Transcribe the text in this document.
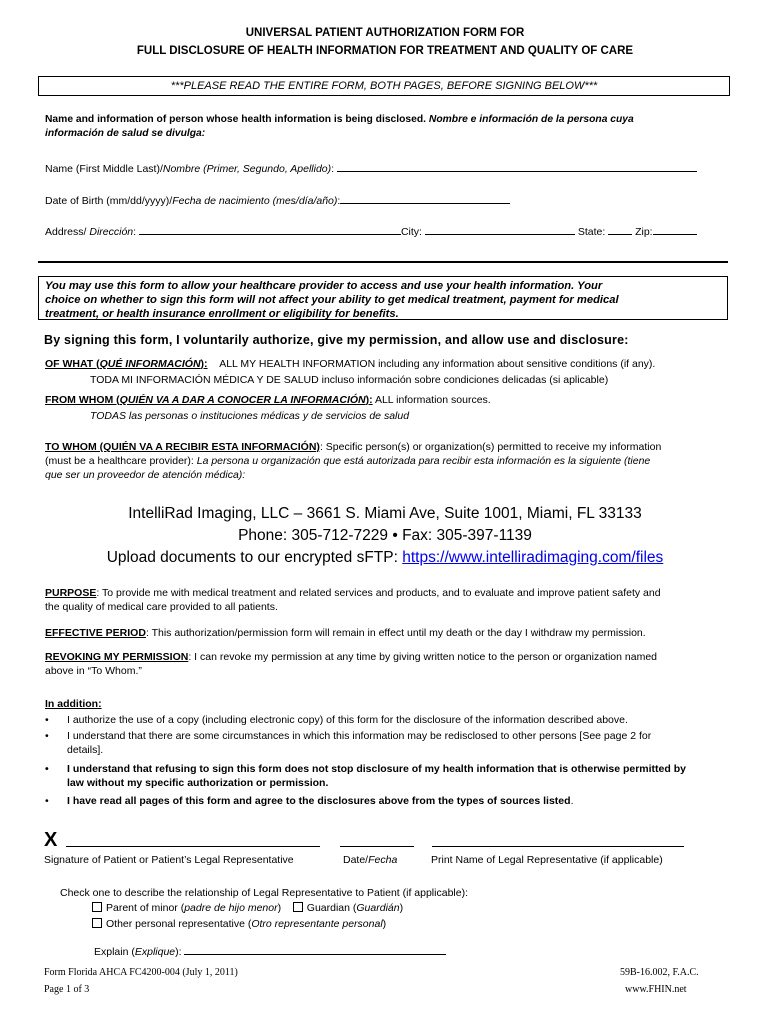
UNIVERSAL PATIENT AUTHORIZATION FORM FOR
FULL DISCLOSURE OF HEALTH INFORMATION FOR TREATMENT AND QUALITY OF CARE
***PLEASE READ THE ENTIRE FORM, BOTH PAGES, BEFORE SIGNING BELOW***
Name and information of person whose health information is being disclosed. Nombre e información de la persona cuya
información de salud se divulga:
Name (First Middle Last)/Nombre (Primer, Segundo, Apellido):
Date of Birth (mm/dd/yyyy)/Fecha de nacimiento (mes/día/año):
Address/ Dirección:	City:	State:	Zip:
You may use this form to allow your healthcare provider to access and use your health information. Your
choice on whether to sign this form will not affect your ability to get medical treatment, payment for medical
treatment, or health insurance enrollment or eligibility for benefits.
By signing this form, I voluntarily authorize, give my permission, and allow use and disclosure:
OF WHAT (QUÉ INFORMACIÓN): ALL MY HEALTH INFORMATION including any information about sensitive conditions (if any).
TODA MI INFORMACIÓN MÉDICA Y DE SALUD incluso información sobre condiciones delicadas (si aplicable)
FROM WHOM (QUIÉN VA A DAR A CONOCER LA INFORMACIÓN): ALL information sources.
TODAS las personas o instituciones médicas y de servicios de salud
TO WHOM (QUIÉN VA A RECIBIR ESTA INFORMACIÓN): Specific person(s) or organization(s) permitted to receive my information
(must be a healthcare provider): La persona u organización que está autorizada para recibir esta información es la siguiente (tiene
que ser un proveedor de atención médica):
IntelliRad Imaging, LLC – 3661 S. Miami Ave, Suite 1001, Miami, FL 33133
Phone: 305-712-7229 • Fax: 305-397-1139
Upload documents to our encrypted sFTP: https://www.intelliradimaging.com/files
PURPOSE: To provide me with medical treatment and related services and products, and to evaluate and improve patient safety and
the quality of medical care provided to all patients.
EFFECTIVE PERIOD: This authorization/permission form will remain in effect until my death or the day I withdraw my permission.
REVOKING MY PERMISSION: I can revoke my permission at any time by giving written notice to the person or organization named
above in “To Whom.”
In addition:
• I authorize the use of a copy (including electronic copy) of this form for the disclosure of the information described above.
• I understand that there are some circumstances in which this information may be redisclosed to other persons [See page 2 for
details].
• I understand that refusing to sign this form does not stop disclosure of my health information that is otherwise permitted by
law without my specific authorization or permission.
• I have read all pages of this form and agree to the disclosures above from the types of sources listed.
X
Signature of Patient or Patient’s Legal Representative	Date/Fecha	Print Name of Legal Representative (if applicable)
Check one to describe the relationship of Legal Representative to Patient (if applicable):
Parent of minor (padre de hijo menor) Guardian (Guardián)
Other personal representative (Otro representante personal)
Explain (Explique):
Form Florida AHCA FC4200-004 (July 1, 2011)
Page 1 of 3
59B-16.002, F.A.C.
www.FHIN.net
